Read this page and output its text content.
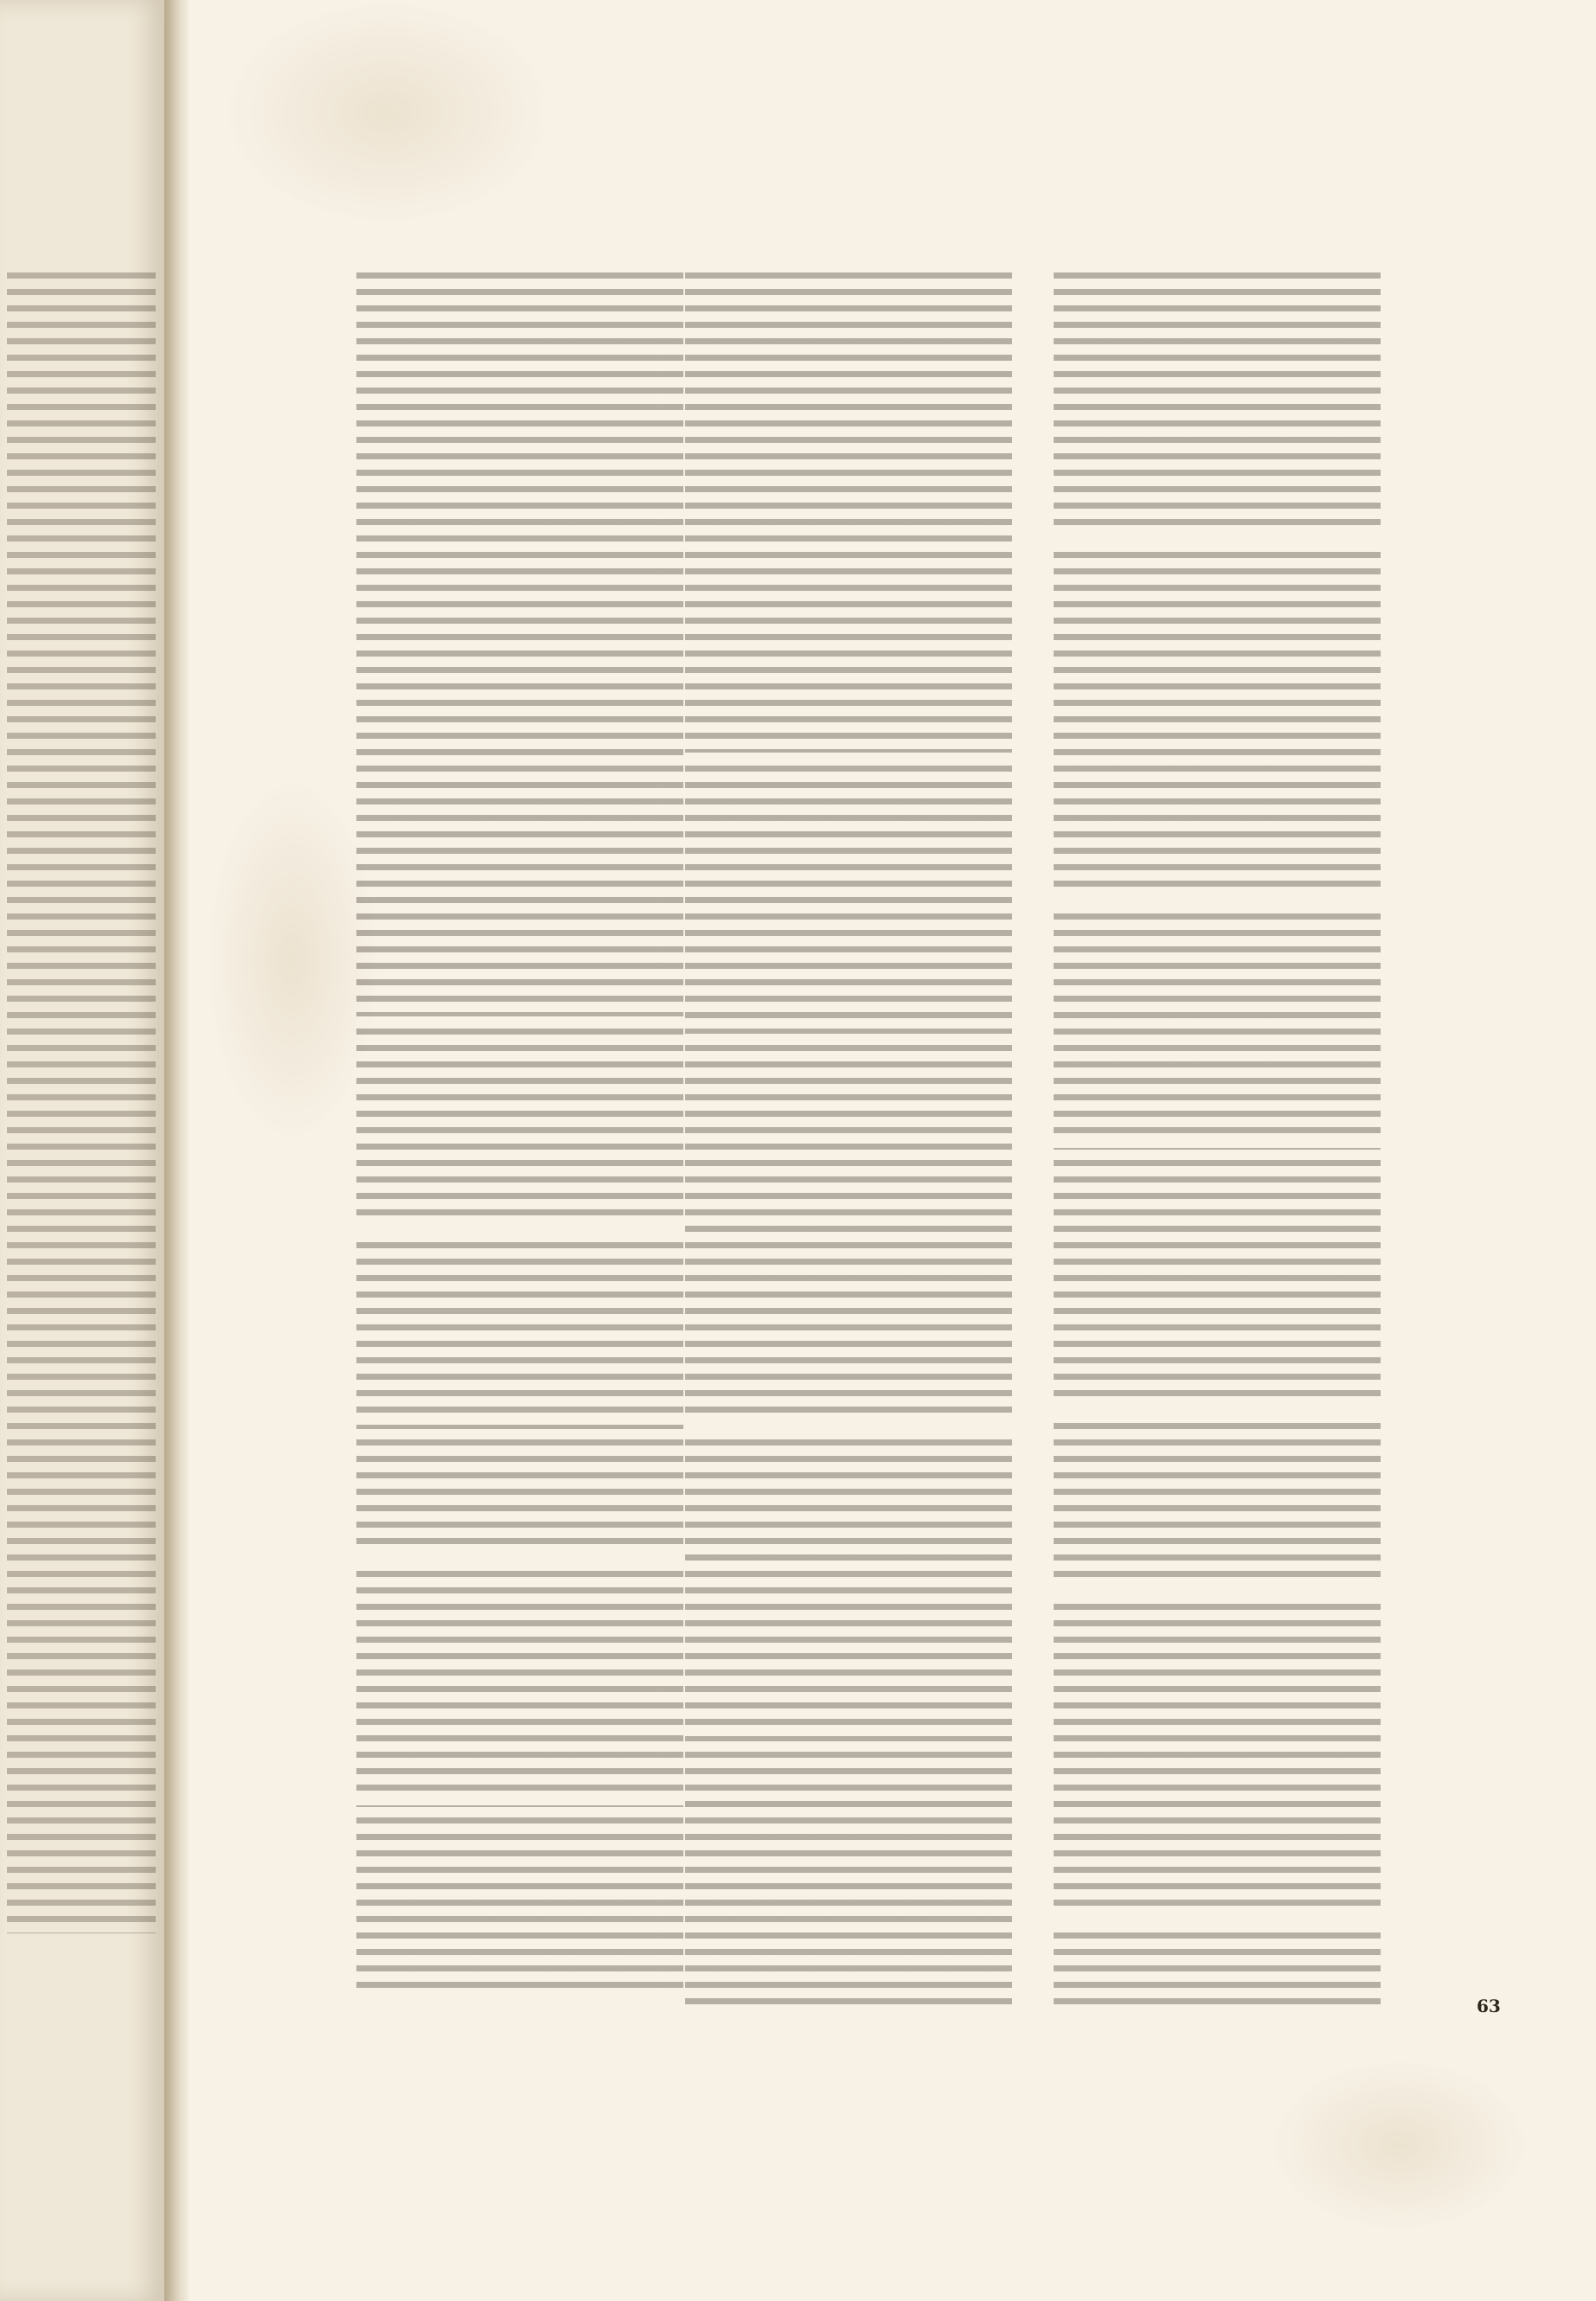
63
